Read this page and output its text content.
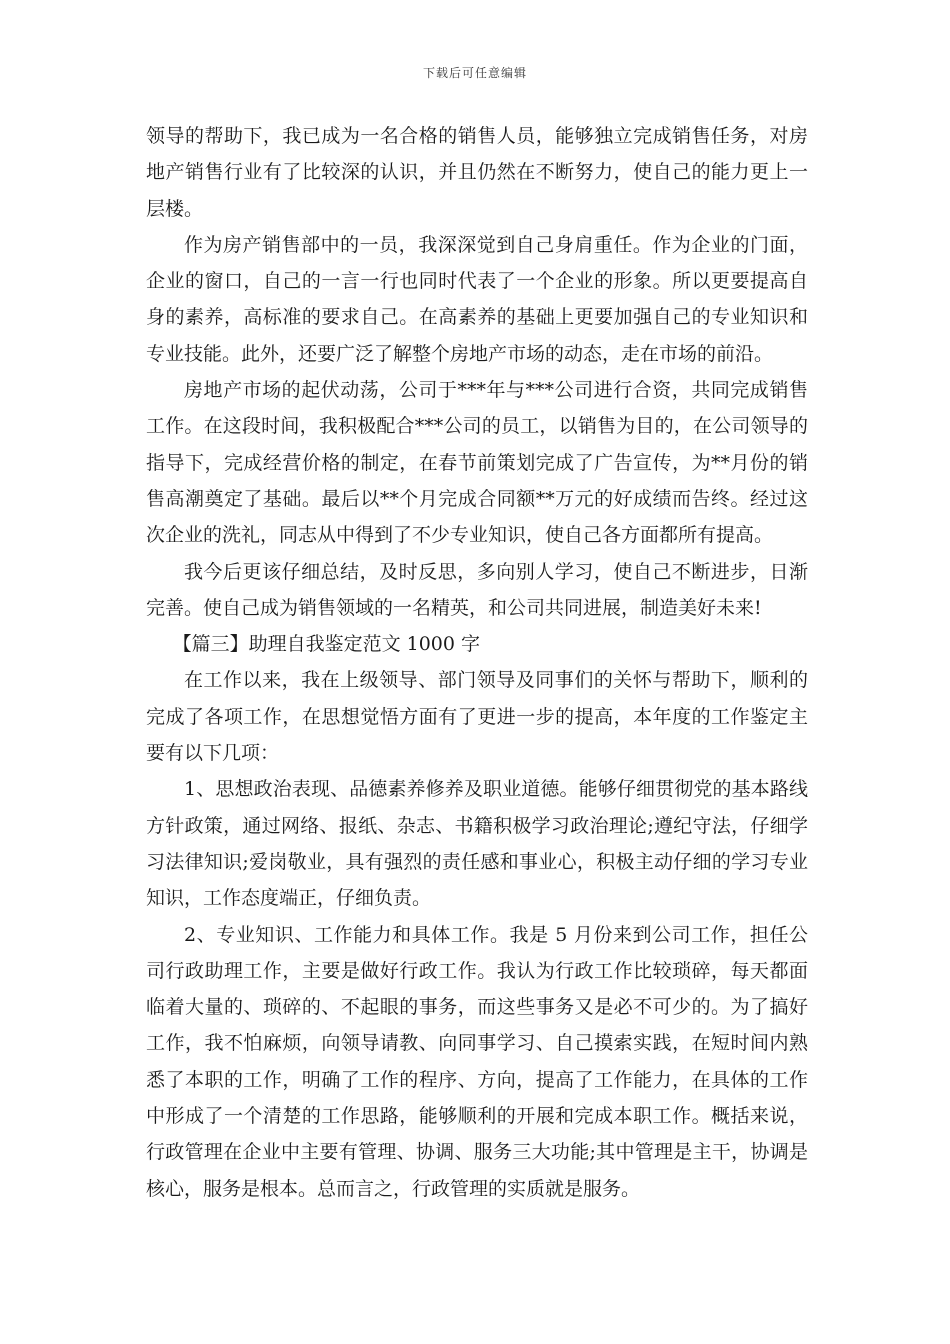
下载后可任意编辑

领导的帮助下，我已成为一名合格的销售人员，能够独立完成销售任务，对房地产销售行业有了比较深的认识，并且仍然在不断努力，使自己的能力更上一层楼。

作为房产销售部中的一员，我深深觉到自己身肩重任。作为企业的门面，企业的窗口，自己的一言一行也同时代表了一个企业的形象。所以更要提高自身的素养，高标准的要求自己。在高素养的基础上更要加强自己的专业知识和专业技能。此外，还要广泛了解整个房地产市场的动态，走在市场的前沿。

房地产市场的起伏动荡，公司于***年与***公司进行合资，共同完成销售工作。在这段时间，我积极配合***公司的员工，以销售为目的，在公司领导的指导下，完成经营价格的制定，在春节前策划完成了广告宣传，为**月份的销售高潮奠定了基础。最后以**个月完成合同额**万元的好成绩而告终。经过这次企业的洗礼，同志从中得到了不少专业知识，使自己各方面都所有提高。

我今后更该仔细总结，及时反思，多向别人学习，使自己不断进步，日渐完善。使自己成为销售领域的一名精英，和公司共同进展，制造美好未来!

【篇三】助理自我鉴定范文 1000 字

在工作以来，我在上级领导、部门领导及同事们的关怀与帮助下，顺利的完成了各项工作，在思想觉悟方面有了更进一步的提高，本年度的工作鉴定主要有以下几项：

1、思想政治表现、品德素养修养及职业道德。能够仔细贯彻党的基本路线方针政策，通过网络、报纸、杂志、书籍积极学习政治理论;遵纪守法，仔细学习法律知识;爱岗敬业，具有强烈的责任感和事业心，积极主动仔细的学习专业知识，工作态度端正，仔细负责。

2、专业知识、工作能力和具体工作。我是 5 月份来到公司工作，担任公司行政助理工作，主要是做好行政工作。我认为行政工作比较琐碎，每天都面临着大量的、琐碎的、不起眼的事务，而这些事务又是必不可少的。为了搞好工作，我不怕麻烦，向领导请教、向同事学习、自己摸索实践，在短时间内熟悉了本职的工作，明确了工作的程序、方向，提高了工作能力，在具体的工作中形成了一个清楚的工作思路，能够顺利的开展和完成本职工作。概括来说，行政管理在企业中主要有管理、协调、服务三大功能;其中管理是主干，协调是核心，服务是根本。总而言之，行政管理的实质就是服务。
